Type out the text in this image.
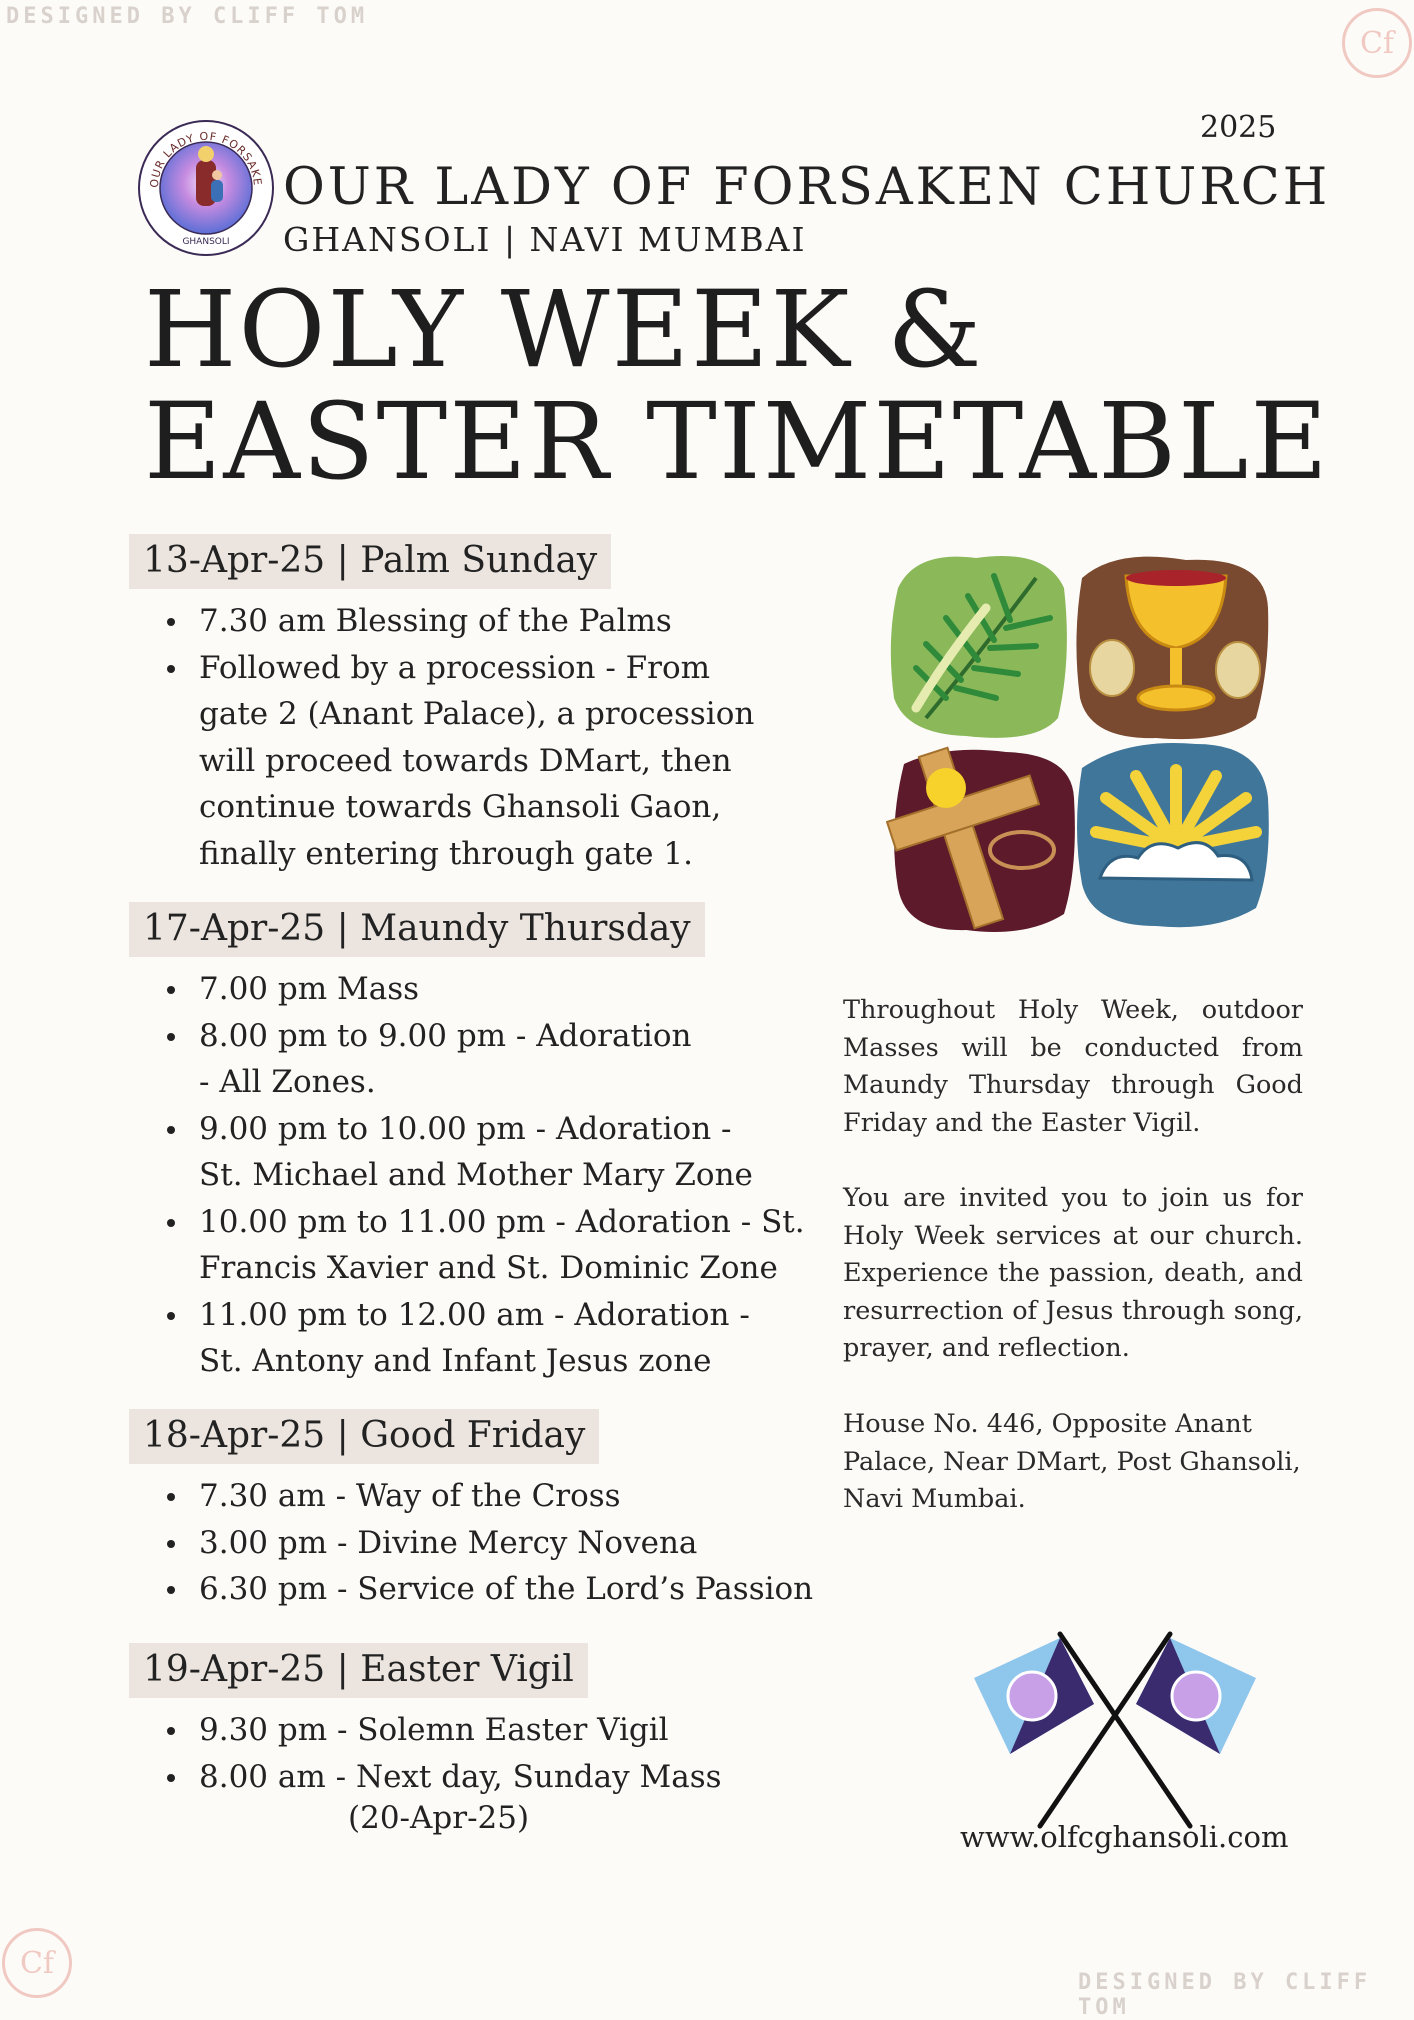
DESIGNED BY CLIFF TOM
Cf
Cf
DESIGNED BY CLIFF TOM
2025
OUR LADY OF FORSAKE
GHANSOLI
OUR LADY OF FORSAKEN CHURCH
GHANSOLI | NAVI MUMBAI
HOLY WEEK &
EASTER TIMETABLE
13-Apr-25 | Palm Sunday
7.30 am Blessing of the Palms
Followed by a procession - From gate 2 (Anant Palace), a procession will proceed towards DMart, then continue towards Ghansoli Gaon, finally entering through gate 1.
17-Apr-25 | Maundy Thursday
7.00 pm Mass
8.00 pm to 9.00 pm - Adoration - All Zones.
9.00 pm to 10.00 pm - Adoration - St. Michael and Mother Mary Zone
10.00 pm to 11.00 pm - Adoration - St. Francis Xavier and St. Dominic Zone
11.00 pm to 12.00 am - Adoration - St. Antony and Infant Jesus zone
18-Apr-25 | Good Friday
7.30 am - Way of the Cross
3.00 pm - Divine Mercy Novena
6.30 pm - Service of the Lord’s Passion
19-Apr-25 | Easter Vigil
9.30 pm - Solemn Easter Vigil
8.00 am - Next day, Sunday Mass
(20-Apr-25)
Throughout Holy Week, outdoor Masses will be conducted from Maundy Thursday through Good Friday and the Easter Vigil.
You are invited you to join us for Holy Week services at our church. Experience the passion, death, and resurrection of Jesus through song, prayer, and reflection.
House No. 446, Opposite Anant Palace, Near DMart, Post Ghansoli, Navi Mumbai.
www.olfcghansoli.com
